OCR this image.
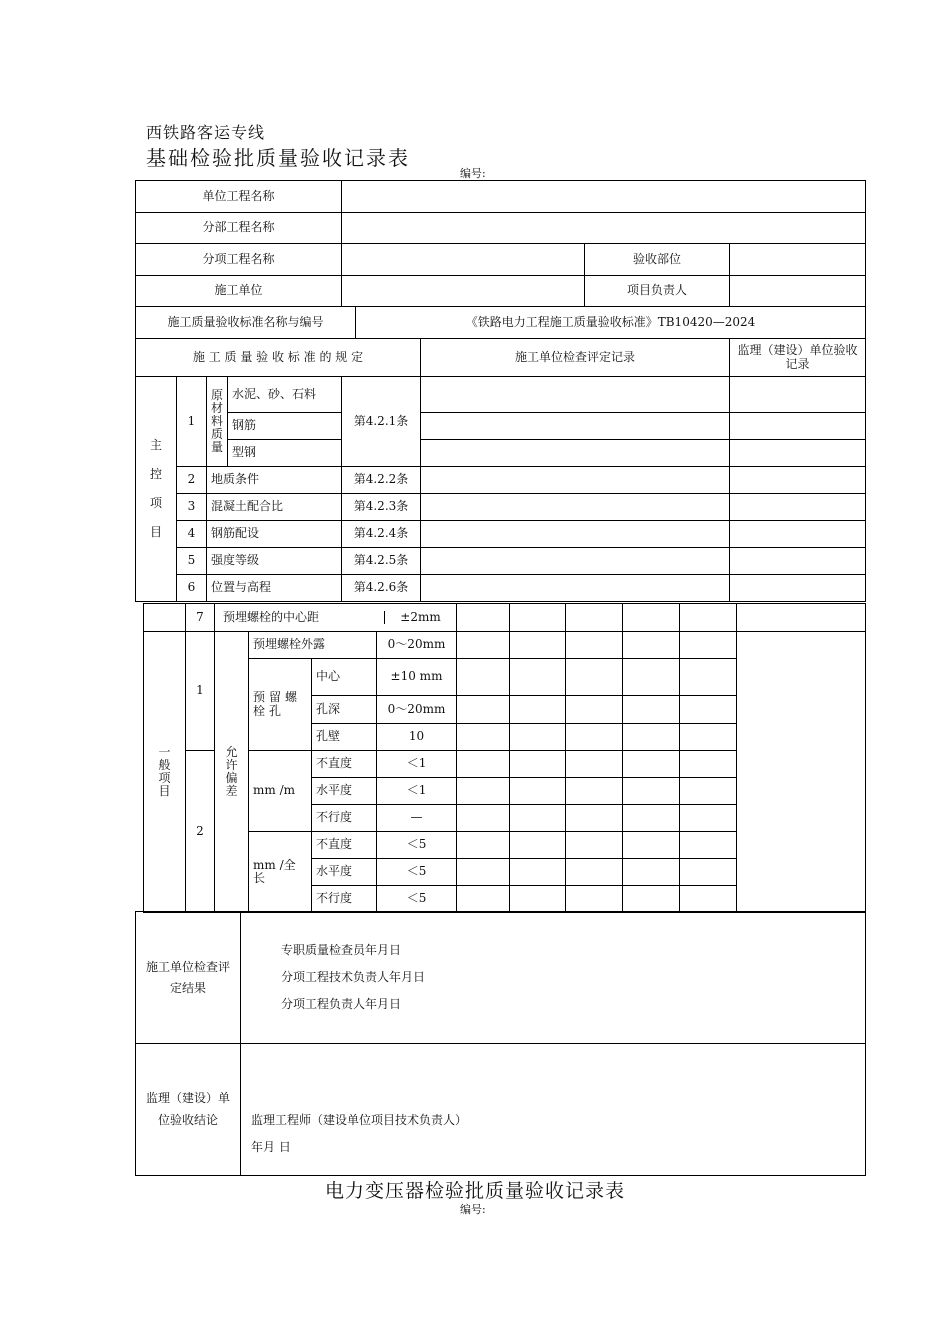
西铁路客运专线
基础检验批质量验收记录表
编号:
单位工程名称								
分部工程名称								
分项工程名称							验收部位	
施工单位							项目负责人	
施工质量验收标准名称与编号					《铁路电力工程施工质量验收标准》TB10420—2024			
施 工 质 量 验 收 标 准 的 规 定						施工单位检查评定记录		监理（建设）单位验收记录
主控项目	1	原材料质量	水泥、砂、石料	第4.2.1条				
			钢筋					
			型钢					
	2	地质条件		第4.2.2条				
	3	混凝土配合比		第4.2.3条				
	4	钢筋配设		第4.2.4条				
	5	强度等级		第4.2.5条				
	6	位置与高程		第4.2.6条				
	7	预埋螺栓的中心距 ±2mm									

一般项目	1	允许偏差	预埋螺栓外露		0～20mm						
			预留螺栓孔	中心	±10 mm						
				孔深	0～20mm						
				孔壁	10						
	2		mm /m	不直度	＜1						
				水平度	＜1						
				不行度	—						
			mm /全长	不直度	＜5						
				水平度	＜5						
				不行度	＜5						
施工单位检查评定结果	专职质量检查员年月日

分项工程技术负责人年月日

分项工程负责人年月日

监理（建设）单位验收结论	监理工程师（建设单位项目技术负责人）

年月 日

电力变压器检验批质量验收记录表
编号:
